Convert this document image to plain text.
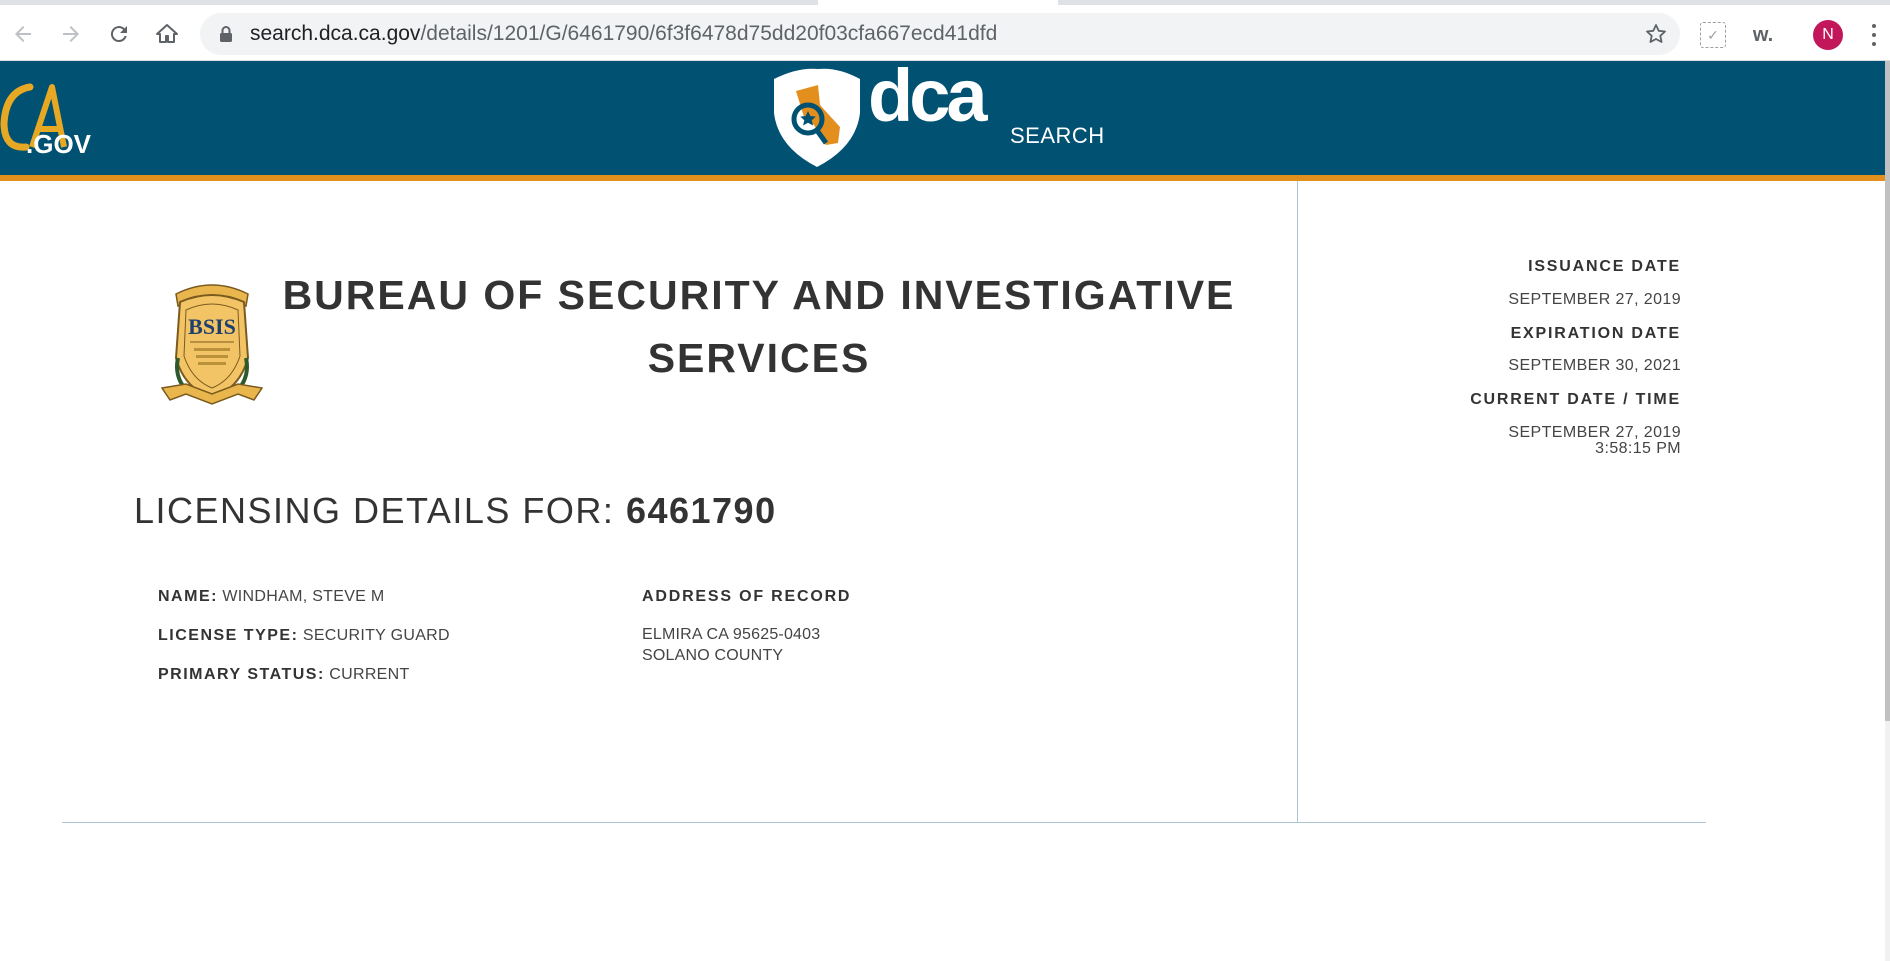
search.dca.ca.gov/details/1201/G/6461790/6f3f6478d75dd20f03cfa667ecd41dfd	✓	w.	N
.GOV
dca SEARCH
BSIS
BUREAU OF SECURITY AND INVESTIGATIVE
SERVICES
LICENSING DETAILS FOR: 6461790
NAME: WINDHAM, STEVE M
LICENSE TYPE: SECURITY GUARD
PRIMARY STATUS: CURRENT
ADDRESS OF RECORD
ELMIRA CA 95625-0403
SOLANO COUNTY
ISSUANCE DATE
SEPTEMBER 27, 2019
EXPIRATION DATE
SEPTEMBER 30, 2021
CURRENT DATE / TIME
SEPTEMBER 27, 2019
3:58:15 PM
